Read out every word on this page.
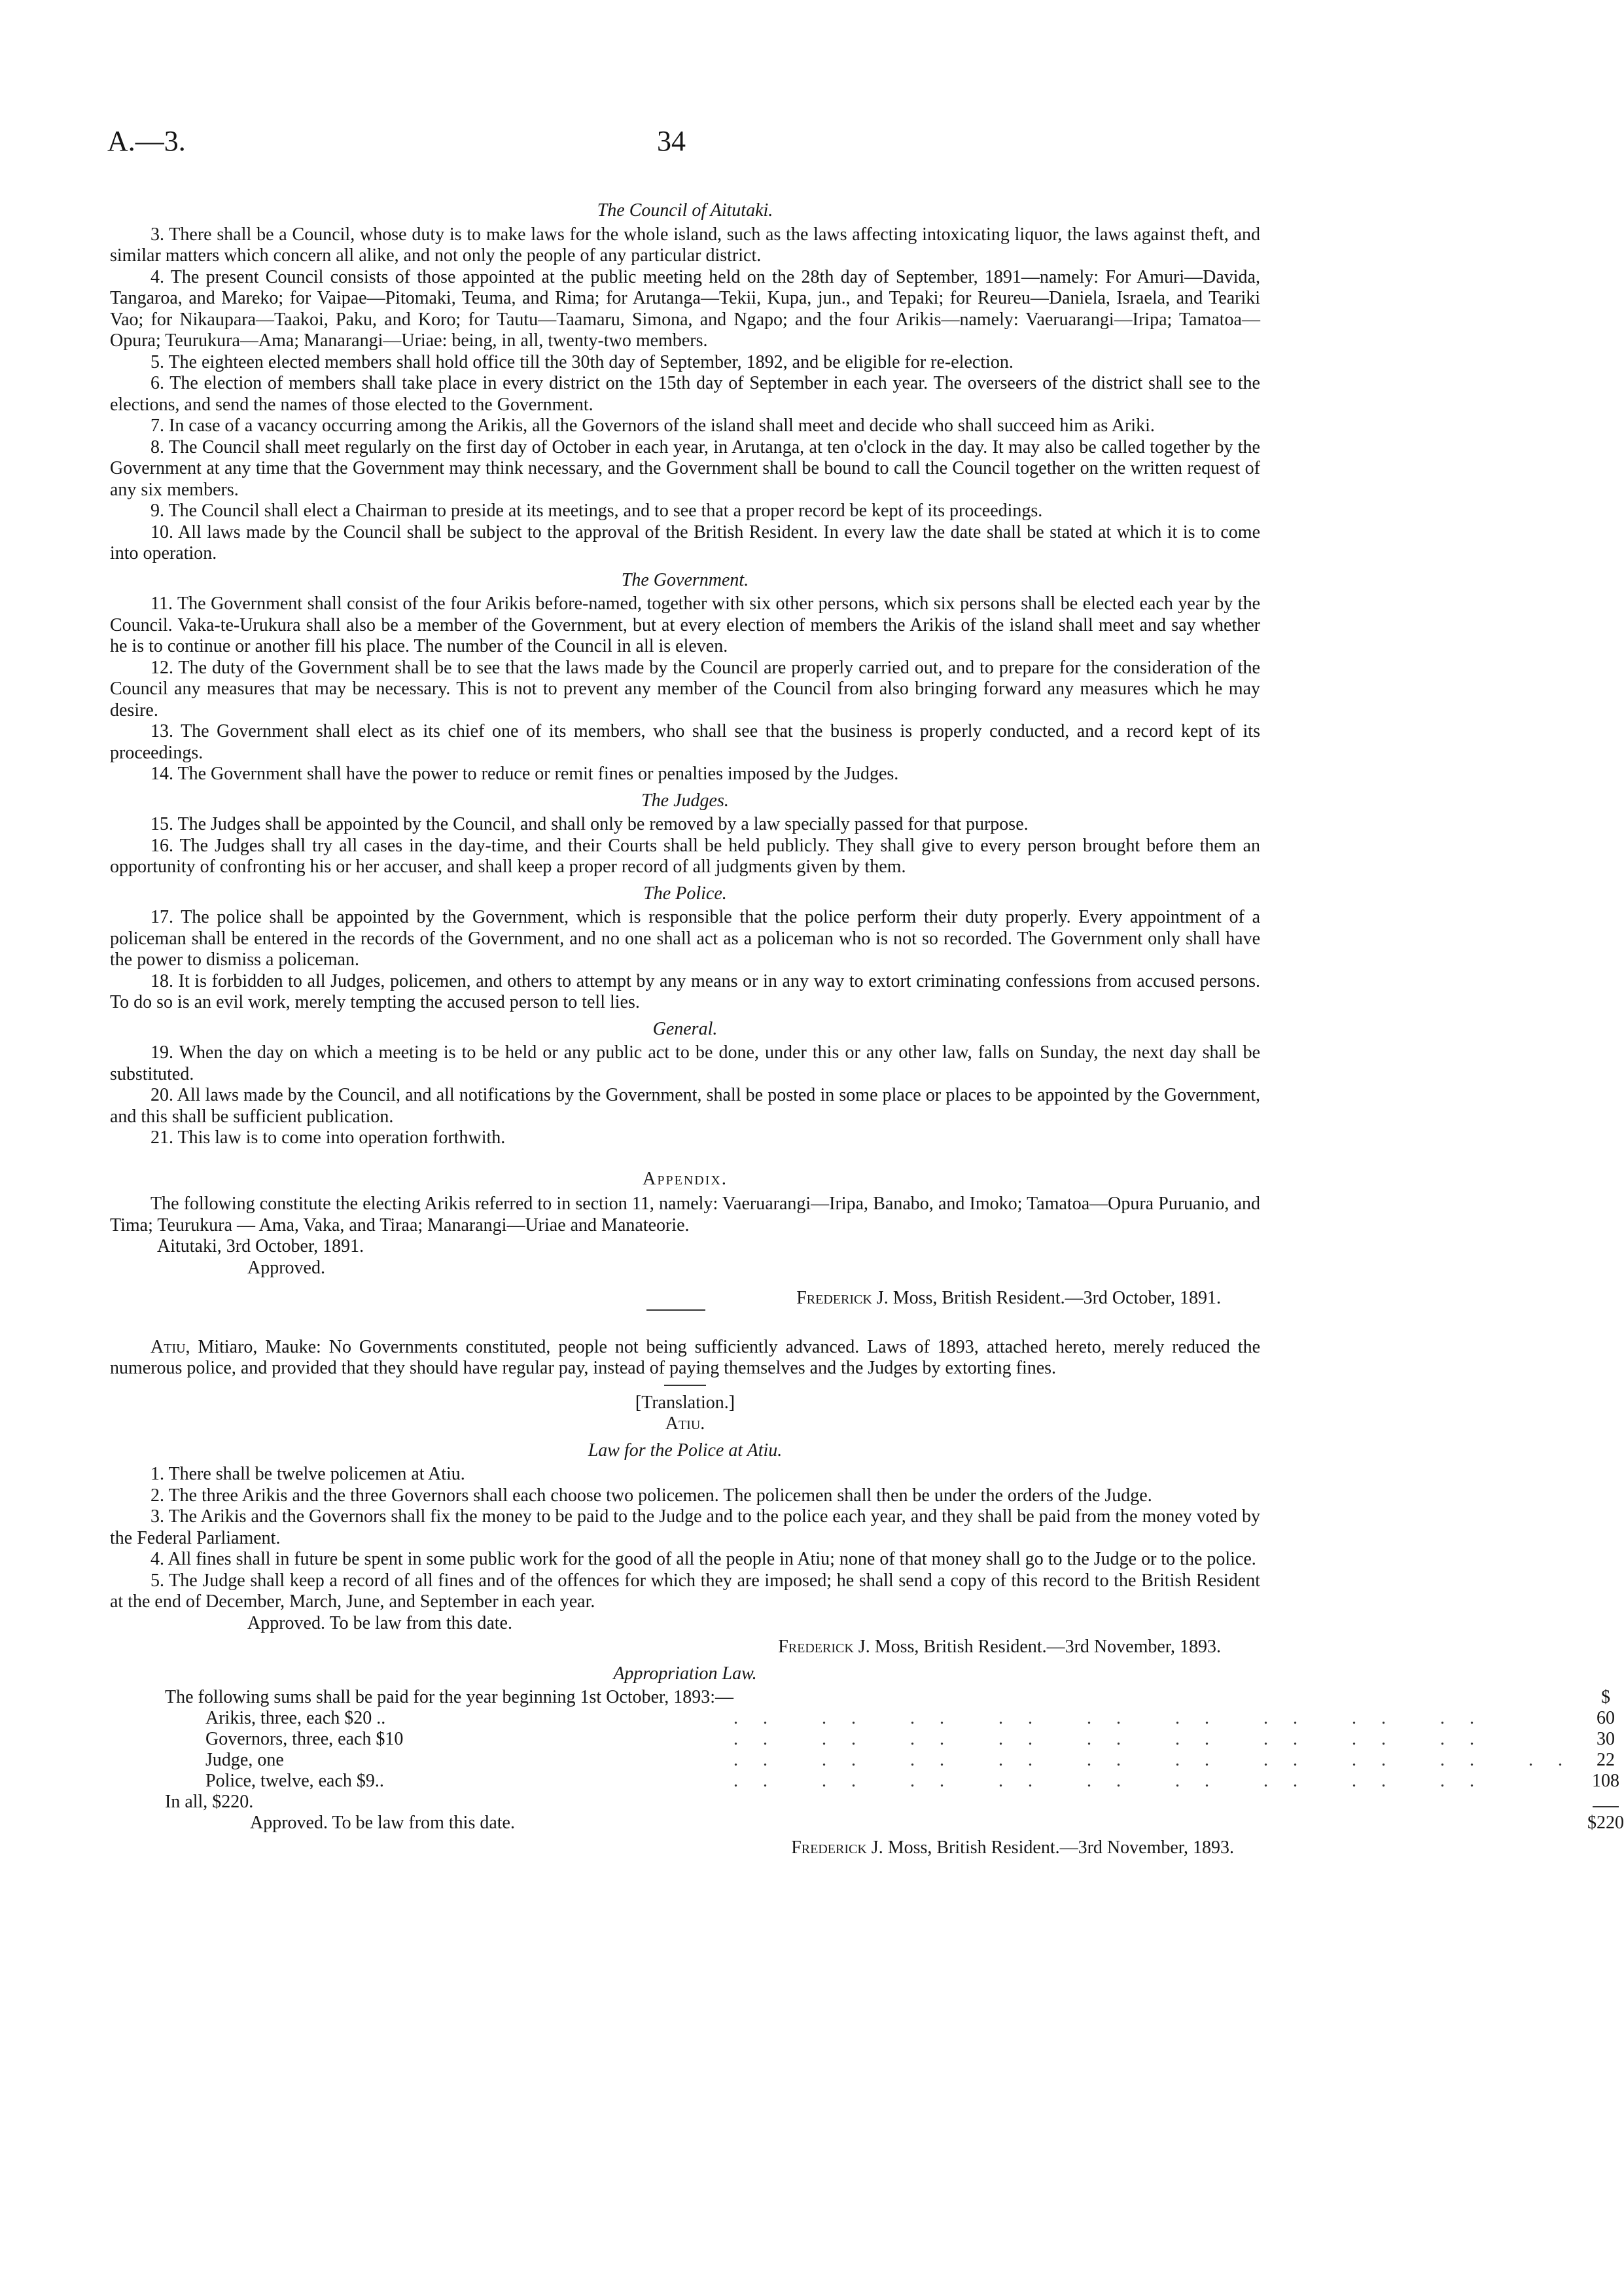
A.—3.	34
The Council of Aitutaki.

3. There shall be a Council, whose duty is to make laws for the whole island, such as the laws affecting intoxicating liquor, the laws against theft, and similar matters which concern all alike, and not only the people of any particular district.

4. The present Council consists of those appointed at the public meeting held on the 28th day of September, 1891—namely: For Amuri—Davida, Tangaroa, and Mareko; for Vaipae—Pitomaki, Teuma, and Rima; for Arutanga—Tekii, Kupa, jun., and Tepaki; for Reureu—Daniela, Israela, and Teariki Vao; for Nikaupara—Taakoi, Paku, and Koro; for Tautu—Taamaru, Simona, and Ngapo; and the four Arikis—namely: Vaeruarangi—Iripa; Tamatoa—Opura; Teurukura—Ama; Manarangi—Uriae: being, in all, twenty-two members.

5. The eighteen elected members shall hold office till the 30th day of September, 1892, and be eligible for re-election.

6. The election of members shall take place in every district on the 15th day of September in each year. The overseers of the district shall see to the elections, and send the names of those elected to the Government.

7. In case of a vacancy occurring among the Arikis, all the Governors of the island shall meet and decide who shall succeed him as Ariki.

8. The Council shall meet regularly on the first day of October in each year, in Arutanga, at ten o'clock in the day. It may also be called together by the Government at any time that the Government may think necessary, and the Government shall be bound to call the Council together on the written request of any six members.

9. The Council shall elect a Chairman to preside at its meetings, and to see that a proper record be kept of its proceedings.

10. All laws made by the Council shall be subject to the approval of the British Resident. In every law the date shall be stated at which it is to come into operation.

The Government.

11. The Government shall consist of the four Arikis before-named, together with six other persons, which six persons shall be elected each year by the Council. Vaka-te-Urukura shall also be a member of the Government, but at every election of members the Arikis of the island shall meet and say whether he is to continue or another fill his place. The number of the Council in all is eleven.

12. The duty of the Government shall be to see that the laws made by the Council are properly carried out, and to prepare for the consideration of the Council any measures that may be necessary. This is not to prevent any member of the Council from also bringing forward any measures which he may desire.

13. The Government shall elect as its chief one of its members, who shall see that the business is properly conducted, and a record kept of its proceedings.

14. The Government shall have the power to reduce or remit fines or penalties imposed by the Judges.

The Judges.

15. The Judges shall be appointed by the Council, and shall only be removed by a law specially passed for that purpose.

16. The Judges shall try all cases in the day-time, and their Courts shall be held publicly. They shall give to every person brought before them an opportunity of confronting his or her accuser, and shall keep a proper record of all judgments given by them.

The Police.

17. The police shall be appointed by the Government, which is responsible that the police perform their duty properly. Every appointment of a policeman shall be entered in the records of the Government, and no one shall act as a policeman who is not so recorded. The Government only shall have the power to dismiss a policeman.

18. It is forbidden to all Judges, policemen, and others to attempt by any means or in any way to extort criminating confessions from accused persons. To do so is an evil work, merely tempting the accused person to tell lies.

General.

19. When the day on which a meeting is to be held or any public act to be done, under this or any other law, falls on Sunday, the next day shall be substituted.

20. All laws made by the Council, and all notifications by the Government, shall be posted in some place or places to be appointed by the Government, and this shall be sufficient publication.

21. This law is to come into operation forthwith.

Appendix.

The following constitute the electing Arikis referred to in section 11, namely: Vaeruarangi—Iripa, Banabo, and Imoko; Tamatoa—Opura Puruanio, and Tima; Teurukura — Ama, Vaka, and Tiraa; Manarangi—Uriae and Manateorie.

Aitutaki, 3rd October, 1891.
Approved.
Frederick J. Moss, British Resident.—3rd October, 1891.

Atiu, Mitiaro, Mauke: No Governments constituted, people not being sufficiently advanced. Laws of 1893, attached hereto, merely reduced the numerous police, and provided that they should have regular pay, instead of paying themselves and the Judges by extorting fines.

[Translation.]
Atiu.
Law for the Police at Atiu.

1. There shall be twelve policemen at Atiu.

2. The three Arikis and the three Governors shall each choose two policemen. The policemen shall then be under the orders of the Judge.

3. The Arikis and the Governors shall fix the money to be paid to the Judge and to the police each year, and they shall be paid from the money voted by the Federal Parliament.

4. All fines shall in future be spent in some public work for the good of all the people in Atiu; none of that money shall go to the Judge or to the police.

5. The Judge shall keep a record of all fines and of the offences for which they are imposed; he shall send a copy of this record to the British Resident at the end of December, March, June, and September in each year.

Approved. To be law from this date.
Frederick J. Moss, British Resident.—3rd November, 1893.
Appropriation Law.
The following sums shall be paid for the year beginning 1st October, 1893:—		$
Arikis, three, each $20 ..	.. .. .. .. .. .. .. .. ..	60
Governors, three, each $10	.. .. .. .. .. .. .. .. ..	30
Judge, one	.. .. .. .. .. .. .. .. .. ..	22
Police, twelve, each $9..	.. .. .. .. .. .. .. .. ..	108
In all, $220.		
Approved. To be law from this date.		$220
Frederick J. Moss, British Resident.—3rd November, 1893.
